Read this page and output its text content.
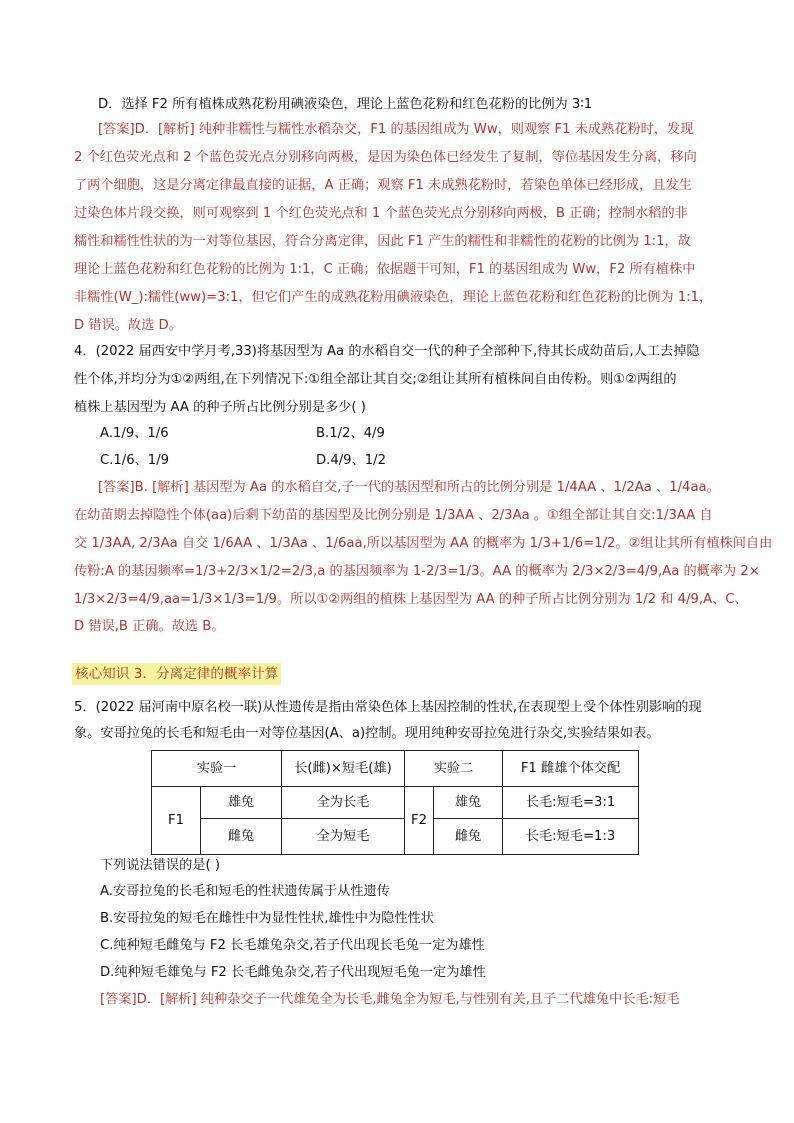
D．选择 F2 所有植株成熟花粉用碘液染色，理论上蓝色花粉和红色花粉的比例为 3∶1
[答案]D．[解析] 纯种非糯性与糯性水稻杂交，F1 的基因组成为 Ww，则观察 F1 未成熟花粉时，发现
2 个红色荧光点和 2 个蓝色荧光点分别移向两极，是因为染色体已经发生了复制，等位基因发生分离，移向
了两个细胞，这是分离定律最直接的证据，A 正确；观察 F1 未成熟花粉时，若染色单体已经形成，且发生
过染色体片段交换，则可观察到 1 个红色荧光点和 1 个蓝色荧光点分别移向两极，B 正确；控制水稻的非
糯性和糯性性状的为一对等位基因，符合分离定律，因此 F1 产生的糯性和非糯性的花粉的比例为 1:1，故
理论上蓝色花粉和红色花粉的比例为 1:1，C 正确；依据题干可知，F1 的基因组成为 Ww，F2 所有植株中
非糯性(W_):糯性(ww)=3:1，但它们产生的成熟花粉用碘液染色，理论上蓝色花粉和红色花粉的比例为 1:1，
D 错误。故选 D。
4．(2022 届西安中学月考,33)将基因型为 Aa 的水稻自交一代的种子全部种下,待其长成幼苗后,人工去掉隐
性个体,并均分为①②两组,在下列情况下:①组全部让其自交;②组让其所有植株间自由传粉。则①②两组的
植株上基因型为 AA 的种子所占比例分别是多少( )
A.1/9、1/6	B.1/2、4/9
C.1/6、1/9	D.4/9、1/2
[答案]B. [解析] 基因型为 Aa 的水稻自交,子一代的基因型和所占的比例分别是 1/4AA 、1/2Aa 、1/4aa。
在幼苗期去掉隐性个体(aa)后剩下幼苗的基因型及比例分别是 1/3AA 、2/3Aa 。①组全部让其自交:1/3AA 自
交 1/3AA, 2/3Aa 自交 1/6AA 、1/3Aa 、1/6aa,所以基因型为 AA 的概率为 1/3+1/6=1/2。②组让其所有植株间自由
传粉:A 的基因频率=1/3+2/3×1/2=2/3,a 的基因频率为 1-2/3=1/3。AA 的概率为 2/3×2/3=4/9,Aa 的概率为 2×
1/3×2/3=4/9,aa=1/3×1/3=1/9。所以①②两组的植株上基因型为 AA 的种子所占比例分别为 1/2 和 4/9,A、C、
D 错误,B 正确。故选 B。
核心知识 3．分离定律的概率计算
5．(2022 届河南中原名校一联)从性遗传是指由常染色体上基因控制的性状,在表现型上受个体性别影响的现
象。安哥拉兔的长毛和短毛由一对等位基因(A、a)控制。现用纯种安哥拉兔进行杂交,实验结果如表。
实验一		长(雌)×短毛(雄)	实验二		F1 雌雄个体交配
F1	雄兔	全为长毛	F2	雄兔	长毛:短毛=3:1
	雌兔	全为短毛		雌兔	长毛:短毛=1:3
下列说法错误的是( )
A.安哥拉兔的长毛和短毛的性状遗传属于从性遗传
B.安哥拉兔的短毛在雌性中为显性性状,雄性中为隐性性状
C.纯种短毛雌兔与 F2 长毛雄兔杂交,若子代出现长毛兔一定为雄性
D.纯种短毛雄兔与 F2 长毛雌兔杂交,若子代出现短毛兔一定为雄性
[答案]D．[解析] 纯种杂交子一代雄兔全为长毛,雌兔全为短毛,与性别有关,且子二代雄兔中长毛:短毛
